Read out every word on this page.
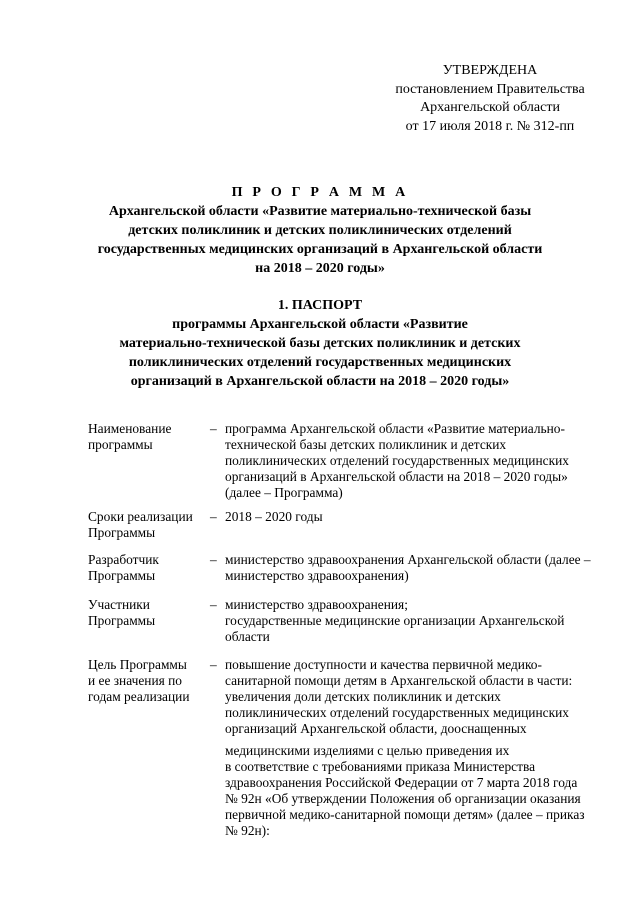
УТВЕРЖДЕНА
постановлением Правительства
Архангельской области
от 17 июля 2018 г. № 312-пп
П Р О Г Р А М М А
Архангельской области «Развитие материально-технической базы
детских поликлиник и детских поликлинических отделений
государственных медицинских организаций в Архангельской области
на 2018 – 2020 годы»
1. ПАСПОРТ
программы Архангельской области «Развитие
материально-технической базы детских поликлиник и детских
поликлинических отделений государственных медицинских
организаций в Архангельской области на 2018 – 2020 годы»
Наименование
программы
– программа Архангельской области «Развитие материально-
технической базы детских поликлиник и детских
поликлинических отделений государственных медицинских
организаций в Архангельской области на 2018 – 2020 годы»
(далее – Программа)
Сроки реализации
Программы
– 2018 – 2020 годы
Разработчик
Программы
– министерство здравоохранения Архангельской области (далее –
министерство здравоохранения)
Участники
Программы
– министерство здравоохранения;
государственные медицинские организации Архангельской
области
Цель Программы
и ее значения по
годам реализации
– повышение доступности и качества первичной медико-
санитарной помощи детям в Архангельской области в части:
увеличения доли детских поликлиник и детских
поликлинических отделений государственных медицинских
организаций Архангельской области, дооснащенных
медицинскими изделиями с целью приведения их
в соответствие с требованиями приказа Министерства
здравоохранения Российской Федерации от 7 марта 2018 года
№ 92н «Об утверждении Положения об организации оказания
первичной медико-санитарной помощи детям» (далее – приказ
№ 92н):
